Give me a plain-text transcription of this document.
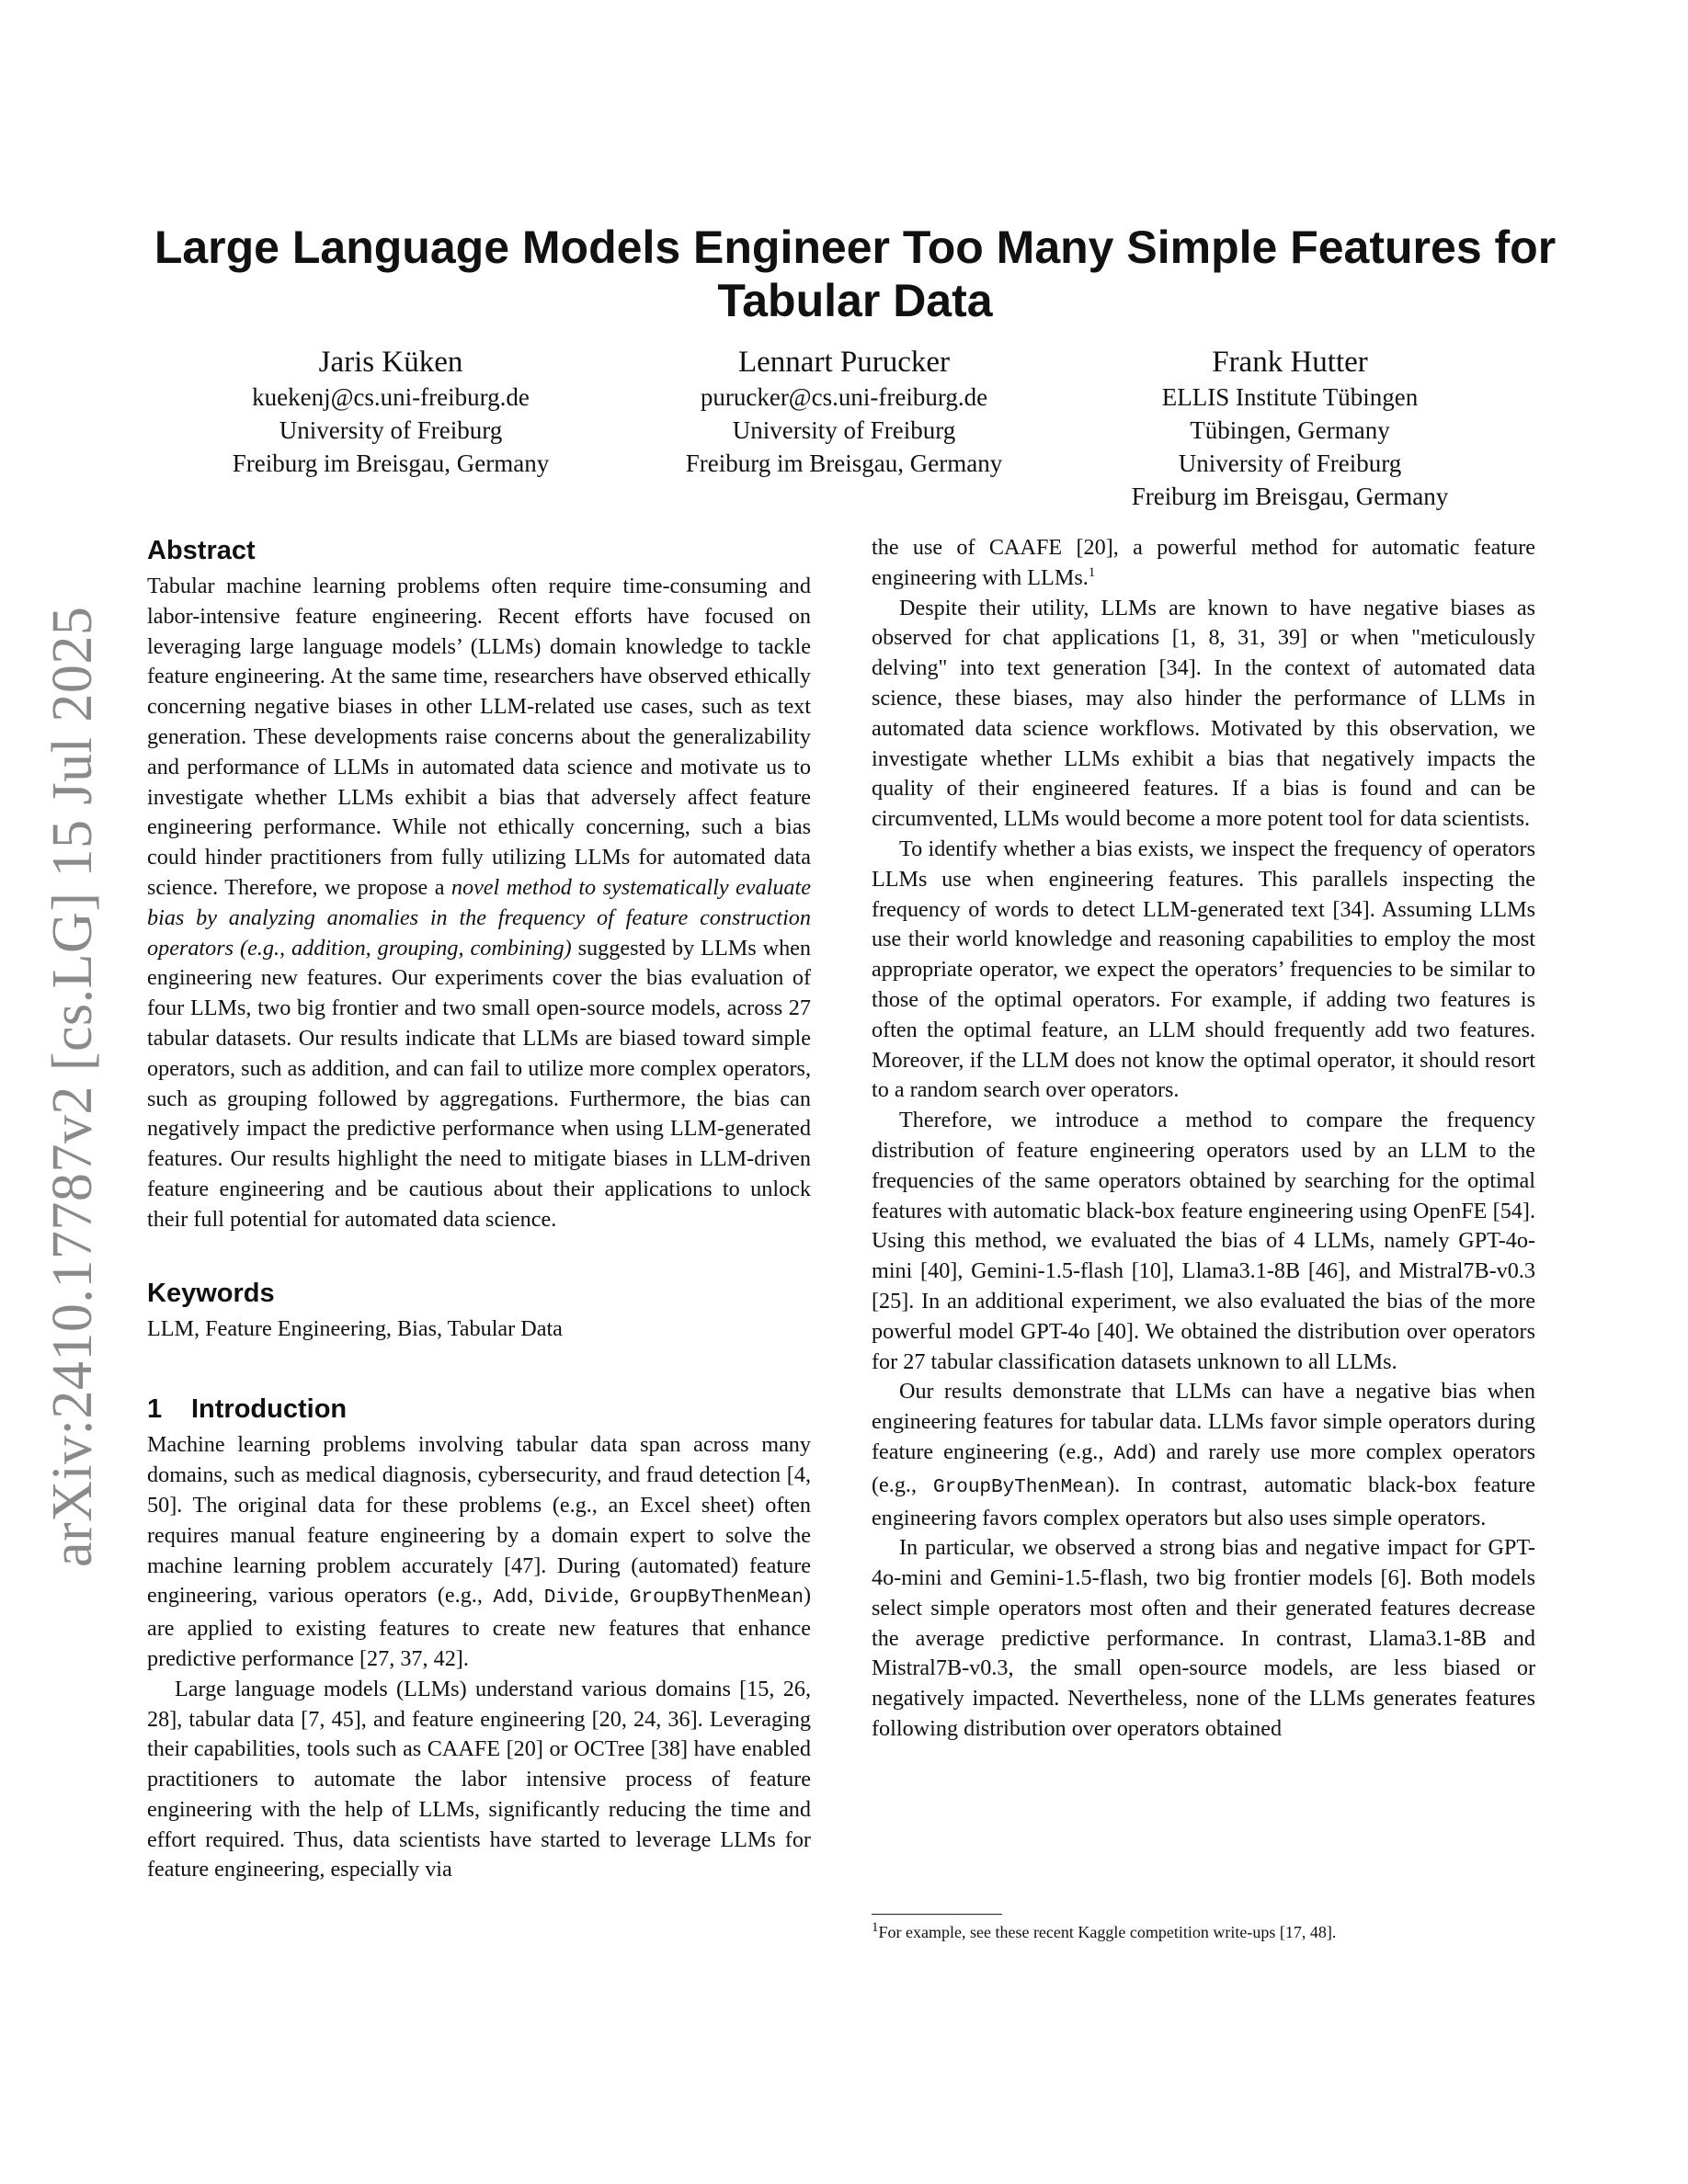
arXiv:2410.17787v2 [cs.LG] 15 Jul 2025
Large Language Models Engineer Too Many Simple Features for Tabular Data
Jaris Küken
kuekenj@cs.uni-freiburg.de
University of Freiburg
Freiburg im Breisgau, Germany
Lennart Purucker
purucker@cs.uni-freiburg.de
University of Freiburg
Freiburg im Breisgau, Germany
Frank Hutter
ELLIS Institute Tübingen
Tübingen, Germany
University of Freiburg
Freiburg im Breisgau, Germany
Abstract

Tabular machine learning problems often require time-consuming and labor-intensive feature engineering. Recent efforts have focused on leveraging large language models’ (LLMs) domain knowledge to tackle feature engineering. At the same time, researchers have observed ethically concerning negative biases in other LLM-related use cases, such as text generation. These developments raise concerns about the generalizability and performance of LLMs in automated data science and motivate us to investigate whether LLMs exhibit a bias that adversely affect feature engineering performance. While not ethically concerning, such a bias could hinder practitioners from fully utilizing LLMs for automated data science. Therefore, we propose a novel method to systematically evaluate bias by analyzing anomalies in the frequency of feature construction operators (e.g., addition, grouping, combining) suggested by LLMs when engineering new features. Our experiments cover the bias evaluation of four LLMs, two big frontier and two small open-source models, across 27 tabular datasets. Our results indicate that LLMs are biased toward simple operators, such as addition, and can fail to utilize more complex operators, such as grouping followed by aggregations. Furthermore, the bias can negatively impact the predictive performance when using LLM-generated features. Our results highlight the need to mitigate biases in LLM-driven feature engineering and be cautious about their applications to unlock their full potential for automated data science.

Keywords

LLM, Feature Engineering, Bias, Tabular Data

1 Introduction

Machine learning problems involving tabular data span across many domains, such as medical diagnosis, cybersecurity, and fraud detection [4, 50]. The original data for these problems (e.g., an Excel sheet) often requires manual feature engineering by a domain expert to solve the machine learning problem accurately [47]. During (automated) feature engineering, various operators (e.g., Add, Divide, GroupByThenMean) are applied to existing features to create new features that enhance predictive performance [27, 37, 42].

Large language models (LLMs) understand various domains [15, 26, 28], tabular data [7, 45], and feature engineering [20, 24, 36]. Leveraging their capabilities, tools such as CAAFE [20] or OCTree [38] have enabled practitioners to automate the labor intensive process of feature engineering with the help of LLMs, significantly reducing the time and effort required. Thus, data scientists have started to leverage LLMs for feature engineering, especially via

the use of CAAFE [20], a powerful method for automatic feature engineering with LLMs.$^1$

Despite their utility, LLMs are known to have negative biases as observed for chat applications [1, 8, 31, 39] or when "meticulously delving" into text generation [34]. In the context of automated data science, these biases, may also hinder the performance of LLMs in automated data science workflows. Motivated by this observation, we investigate whether LLMs exhibit a bias that negatively impacts the quality of their engineered features. If a bias is found and can be circumvented, LLMs would become a more potent tool for data scientists.

To identify whether a bias exists, we inspect the frequency of operators LLMs use when engineering features. This parallels inspecting the frequency of words to detect LLM-generated text [34]. Assuming LLMs use their world knowledge and reasoning capabilities to employ the most appropriate operator, we expect the operators’ frequencies to be similar to those of the optimal operators. For example, if adding two features is often the optimal feature, an LLM should frequently add two features. Moreover, if the LLM does not know the optimal operator, it should resort to a random search over operators.

Therefore, we introduce a method to compare the frequency distribution of feature engineering operators used by an LLM to the frequencies of the same operators obtained by searching for the optimal features with automatic black-box feature engineering using OpenFE [54]. Using this method, we evaluated the bias of 4 LLMs, namely GPT-4o-mini [40], Gemini-1.5-flash [10], Llama3.1-8B [46], and Mistral7B-v0.3 [25]. In an additional experiment, we also evaluated the bias of the more powerful model GPT-4o [40]. We obtained the distribution over operators for 27 tabular classification datasets unknown to all LLMs.

Our results demonstrate that LLMs can have a negative bias when engineering features for tabular data. LLMs favor simple operators during feature engineering (e.g., Add) and rarely use more complex operators (e.g., GroupByThenMean). In contrast, automatic black-box feature engineering favors complex operators but also uses simple operators.

In particular, we observed a strong bias and negative impact for GPT-4o-mini and Gemini-1.5-flash, two big frontier models [6]. Both models select simple operators most often and their generated features decrease the average predictive performance. In contrast, Llama3.1-8B and Mistral7B-v0.3, the small open-source models, are less biased or negatively impacted. Nevertheless, none of the LLMs generates features following distribution over operators obtained

$^1$For example, see these recent Kaggle competition write-ups [17, 48].
